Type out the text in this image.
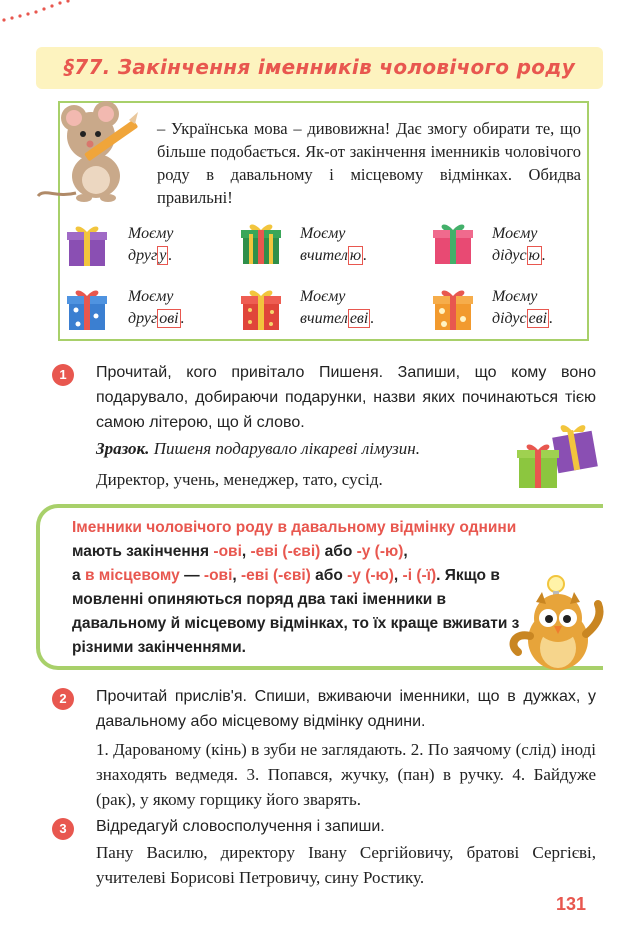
§77. Закінчення іменників чоловічого роду
– Українська мова – дивовижна! Дає змогу обирати те, що більше подобається. Як-от закінчення іменників чоловічого роду в давальному і місцевому відмінках. Обидва правильні!
Моєму
друг у .
Моєму
вчител ю .
Моєму
дідус ю .
Моєму
друг ові .
Моєму
вчител еві .
Моєму
дідус еві .
1	Прочитай, кого привітало Пишеня. Запиши, що кому воно подарувало, добираючи подарунки, назви яких починаються тією самою літерою, що й слово.
Зразок. Пишеня подарувало лікареві лімузин.
Директор, учень, менеджер, тато, сусід.
Іменники чоловічого роду в давальному відмінку однини мають закінчення -ові, -еві (-єві) або -у (-ю),
а в місцевому — -ові, -еві (-єві) або -у (-ю), -і (-ї). Якщо в мовленні опиняються поряд два такі іменники в давальному й місцевому відмінках, то їх краще вживати з різними закінченнями.
2	Прочитай прислів'я. Спиши, вживаючи іменники, що в дужках, у давальному або місцевому відмінку однини.
1. Дарованому (кінь) в зуби не заглядають. 2. По заячому (слід) іноді знаходять ведмедя. 3. Попався, жучку, (пан) в ручку. 4. Байдуже (рак), у якому горщику його зварять.
3	Відредагуй словосполучення і запиши.
Пану Василю, директору Івану Сергійовичу, братові Сергієві, учителеві Борисові Петровичу, сину Ростику.
131
